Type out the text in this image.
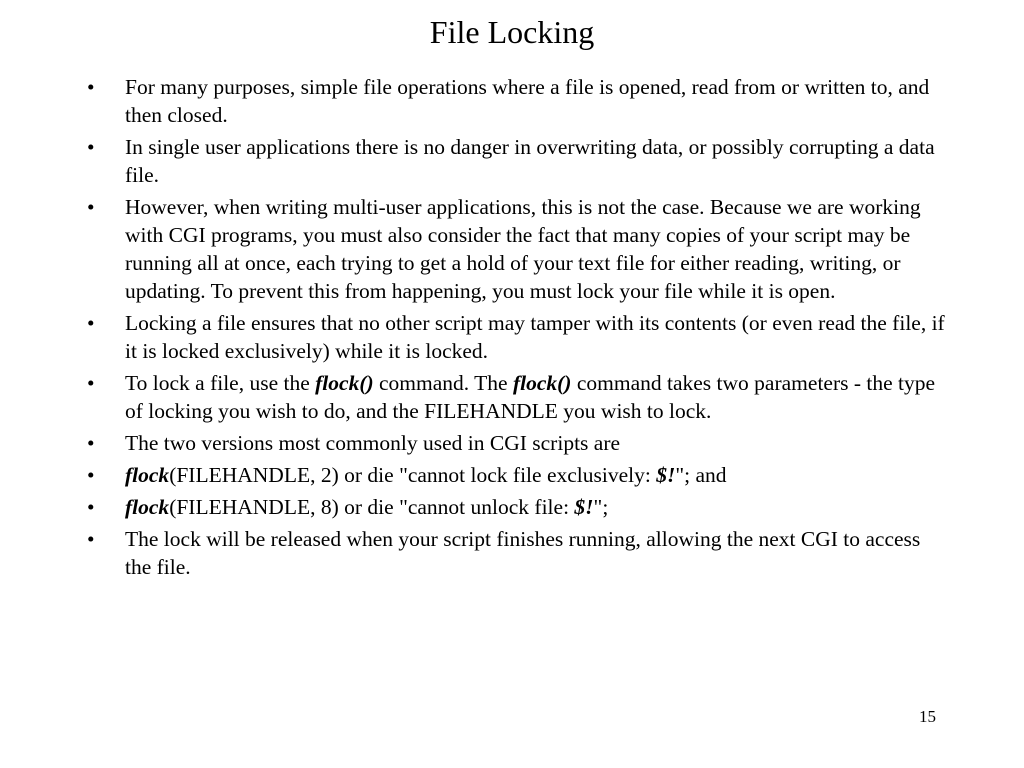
File Locking
• For many purposes, simple file operations where a file is opened, read from or written to, and then closed.
• In single user applications there is no danger in overwriting data, or possibly corrupting a data file.
• However, when writing multi-user applications, this is not the case. Because we are working with CGI programs, you must also consider the fact that many copies of your script may be running all at once, each trying to get a hold of your text file for either reading, writing, or updating. To prevent this from happening, you must lock your file while it is open.
• Locking a file ensures that no other script may tamper with its contents (or even read the file, if it is locked exclusively) while it is locked.
• To lock a file, use the flock() command. The flock() command takes two parameters - the type of locking you wish to do, and the FILEHANDLE you wish to lock.
• The two versions most commonly used in CGI scripts are
• flock(FILEHANDLE, 2) or die "cannot lock file exclusively: $!"; and
• flock(FILEHANDLE, 8) or die "cannot unlock file: $!";
• The lock will be released when your script finishes running, allowing the next CGI to access the file.
15
